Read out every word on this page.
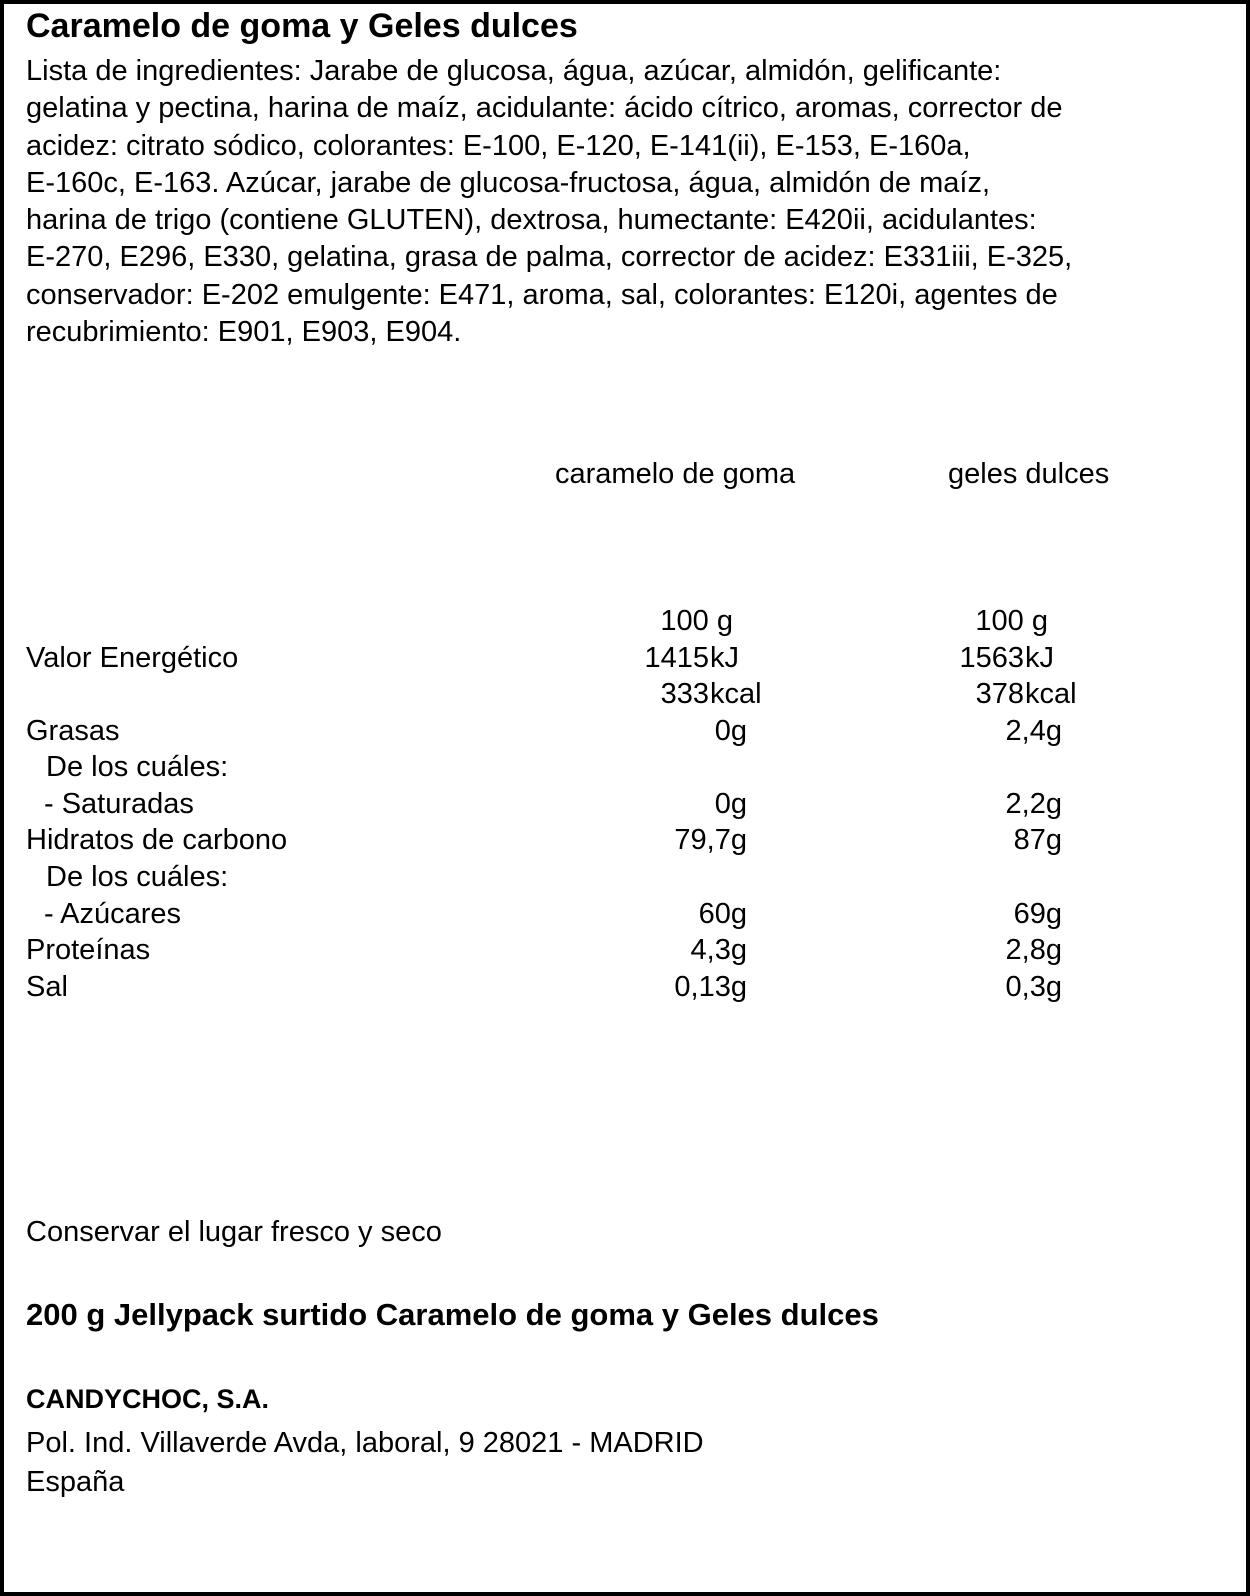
Caramelo de goma y Geles dulces
Lista de ingredientes: Jarabe de glucosa, água, azúcar, almidón, gelificante:
gelatina y pectina, harina de maíz, acidulante: ácido cítrico, aromas, corrector de
acidez: citrato sódico, colorantes: E-100, E-120, E-141(ii), E-153, E-160a,
E-160c, E-163. Azúcar, jarabe de glucosa-fructosa, água, almidón de maíz,
harina de trigo (contiene GLUTEN), dextrosa, humectante: E420ii, acidulantes:
E-270, E296, E330, gelatina, grasa de palma, corrector de acidez: E331iii, E-325,
conservador: E-202 emulgente: E471, aroma, sal, colorantes: E120i, agentes de
recubrimiento: E901, E903, E904.
caramelo de goma	geles dulces
100 g	100 g
Valor Energético	1415 kJ	1563 kJ
333 kcal	378 kcal
Grasas	0g	2,4g
De los cuáles:
- Saturadas	0g	2,2g
Hidratos de carbono	79,7g	87g
De los cuáles:
- Azúcares	60g	69g
Proteínas	4,3g	2,8g
Sal	0,13g	0,3g
Conservar el lugar fresco y seco
200 g Jellypack surtido Caramelo de goma y Geles dulces
CANDYCHOC, S.A.
Pol. Ind. Villaverde Avda, laboral, 9 28021 - MADRID
España
